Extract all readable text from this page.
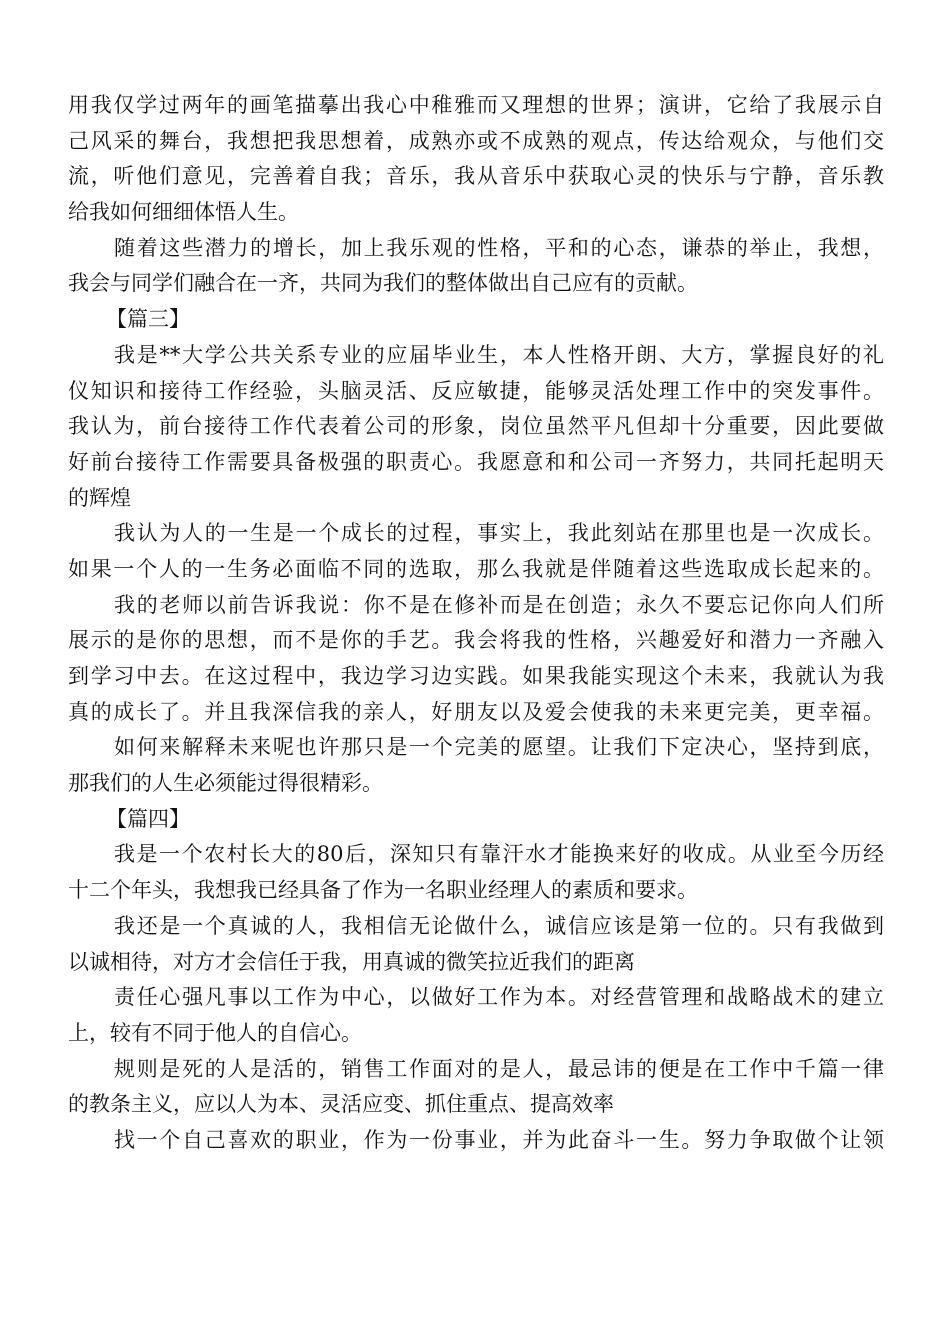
用我仅学过两年的画笔描摹出我心中稚雅而又理想的世界；演讲，它给了我展示自
己风采的舞台，我想把我思想着，成熟亦或不成熟的观点，传达给观众，与他们交
流，听他们意见，完善着自我；音乐，我从音乐中获取心灵的快乐与宁静，音乐教
给我如何细细体悟人生。
随着这些潜力的增长，加上我乐观的性格，平和的心态，谦恭的举止，我想，
我会与同学们融合在一齐，共同为我们的整体做出自己应有的贡献。
【篇三】
我是**大学公共关系专业的应届毕业生，本人性格开朗、大方，掌握良好的礼
仪知识和接待工作经验，头脑灵活、反应敏捷，能够灵活处理工作中的突发事件。
我认为，前台接待工作代表着公司的形象，岗位虽然平凡但却十分重要，因此要做
好前台接待工作需要具备极强的职责心。我愿意和和公司一齐努力，共同托起明天
的辉煌
我认为人的一生是一个成长的过程，事实上，我此刻站在那里也是一次成长。
如果一个人的一生务必面临不同的选取，那么我就是伴随着这些选取成长起来的。
我的老师以前告诉我说：你不是在修补而是在创造；永久不要忘记你向人们所
展示的是你的思想，而不是你的手艺。我会将我的性格，兴趣爱好和潜力一齐融入
到学习中去。在这过程中，我边学习边实践。如果我能实现这个未来，我就认为我
真的成长了。并且我深信我的亲人，好朋友以及爱会使我的未来更完美，更幸福。
如何来解释未来呢也许那只是一个完美的愿望。让我们下定决心，坚持到底，
那我们的人生必须能过得很精彩。
【篇四】
我是一个农村长大的80后，深知只有靠汗水才能换来好的收成。从业至今历经
十二个年头，我想我已经具备了作为一名职业经理人的素质和要求。
我还是一个真诚的人，我相信无论做什么，诚信应该是第一位的。只有我做到
以诚相待，对方才会信任于我，用真诚的微笑拉近我们的距离
责任心强凡事以工作为中心，以做好工作为本。对经营管理和战略战术的建立
上，较有不同于他人的自信心。
规则是死的人是活的，销售工作面对的是人，最忌讳的便是在工作中千篇一律
的教条主义，应以人为本、灵活应变、抓住重点、提高效率
找一个自己喜欢的职业，作为一份事业，并为此奋斗一生。努力争取做个让领
